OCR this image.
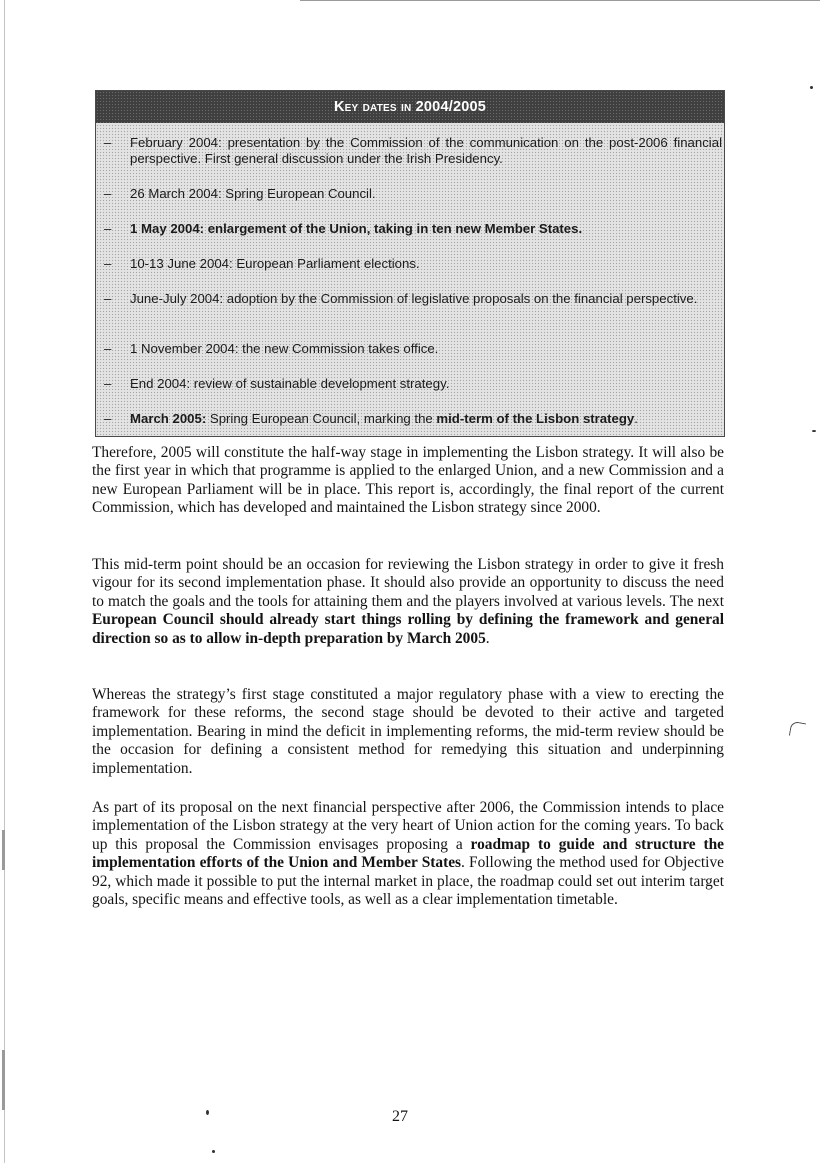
Key dates in 2004/2005
– February 2004: presentation by the Commission of the communication on the post-2006 financial perspective. First general discussion under the Irish Presidency.
– 26 March 2004: Spring European Council.
– 1 May 2004: enlargement of the Union, taking in ten new Member States.
– 10-13 June 2004: European Parliament elections.
– June-July 2004: adoption by the Commission of legislative proposals on the financial perspective.
– 1 November 2004: the new Commission takes office.
– End 2004: review of sustainable development strategy.
– March 2005: Spring European Council, marking the mid-term of the Lisbon strategy.

Therefore, 2005 will constitute the half-way stage in implementing the Lisbon strategy. It will also be the first year in which that programme is applied to the enlarged Union, and a new Commission and a new European Parliament will be in place. This report is, accordingly, the final report of the current Commission, which has developed and maintained the Lisbon strategy since 2000.

This mid-term point should be an occasion for reviewing the Lisbon strategy in order to give it fresh vigour for its second implementation phase. It should also provide an opportunity to discuss the need to match the goals and the tools for attaining them and the players involved at various levels. The next European Council should already start things rolling by defining the framework and general direction so as to allow in-depth preparation by March 2005.

Whereas the strategy’s first stage constituted a major regulatory phase with a view to erecting the framework for these reforms, the second stage should be devoted to their active and targeted implementation. Bearing in mind the deficit in implementing reforms, the mid-term review should be the occasion for defining a consistent method for remedying this situation and underpinning implementation.

As part of its proposal on the next financial perspective after 2006, the Commission intends to place implementation of the Lisbon strategy at the very heart of Union action for the coming years. To back up this proposal the Commission envisages proposing a roadmap to guide and structure the implementation efforts of the Union and Member States. Following the method used for Objective 92, which made it possible to put the internal market in place, the roadmap could set out interim target goals, specific means and effective tools, as well as a clear implementation timetable.

27
